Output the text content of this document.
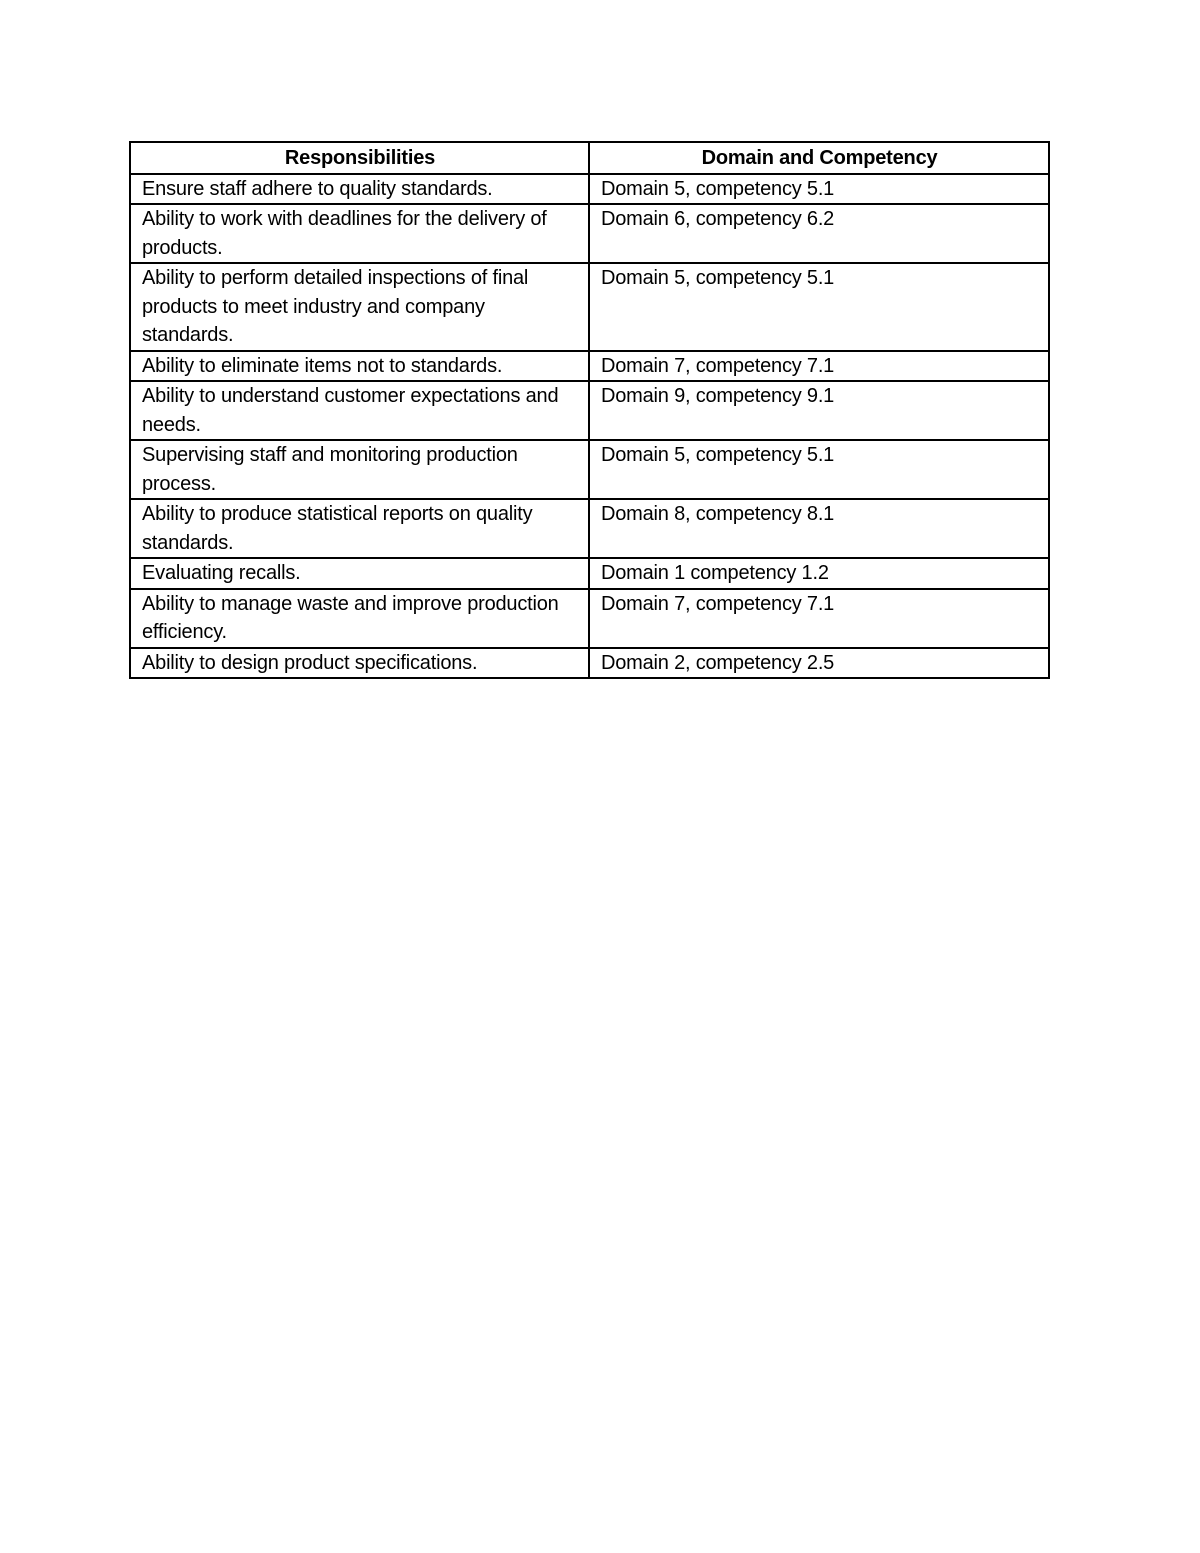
Responsibilities	Domain and Competency
Ensure staff adhere to quality standards.	Domain 5, competency 5.1
Ability to work with deadlines for the delivery of products.	Domain 6, competency 6.2
Ability to perform detailed inspections of final products to meet industry and company standards.	Domain 5, competency 5.1
Ability to eliminate items not to standards.	Domain 7, competency 7.1
Ability to understand customer expectations and needs.	Domain 9, competency 9.1
Supervising staff and monitoring production process.	Domain 5, competency 5.1
Ability to produce statistical reports on quality standards.	Domain 8, competency 8.1
Evaluating recalls.	Domain 1 competency 1.2
Ability to manage waste and improve production efficiency.	Domain 7, competency 7.1
Ability to design product specifications.	Domain 2, competency 2.5
